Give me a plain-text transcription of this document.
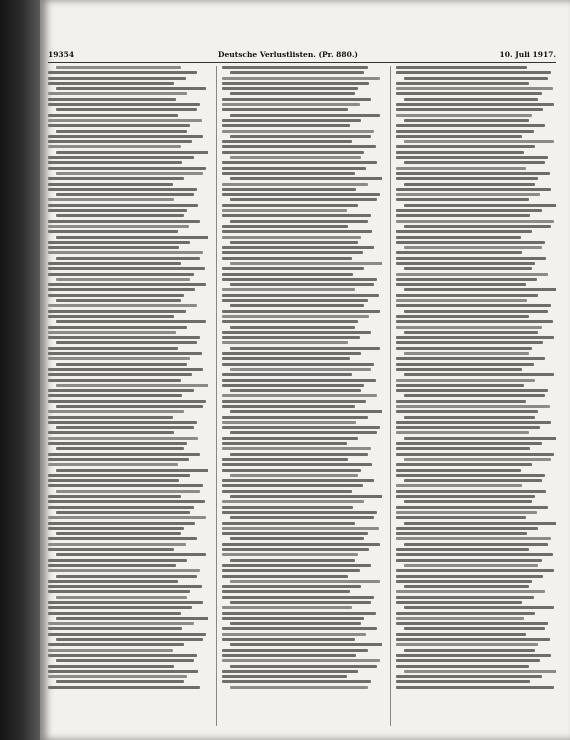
19354	Deutsche Verlustlisten. (Pr. 880.)	10. Juli 1917.
